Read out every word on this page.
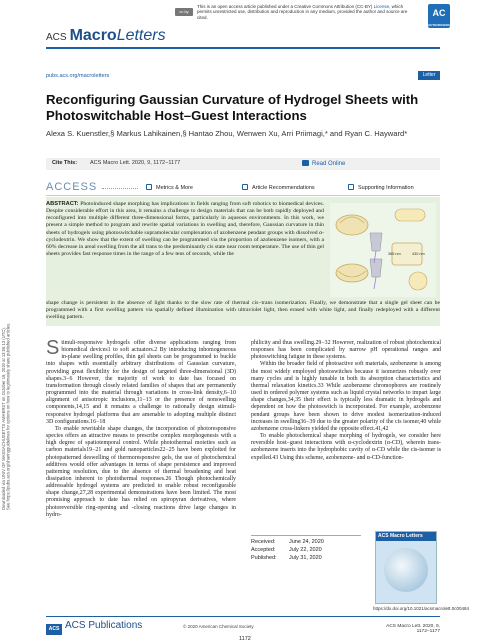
Downloaded via UNIV OF MASSACHUSETTS AMHERST on October 19, 2020 at 13:56:13 (UTC).
See https://pubs.acs.org/sharingguidelines for options on how to legitimately share published articles.
cc by
This is an open access article published under a Creative Commons Attribution (CC-BY) License, which permits unrestricted use, distribution and reproduction in any medium, provided the author and source are cited.	AC
AUTHORCHOICE
ACS MacroLetters
pubs.acs.org/macroletters	Letter
Reconfiguring Gaussian Curvature of Hydrogel Sheets with Photoswitchable Host–Guest Interactions
Alexa S. Kuenstler,§ Markus Lahikainen,§ Hantao Zhou, Wenwen Xu, Arri Priimagi,* and Ryan C. Hayward*
Cite This: ACS Macro Lett. 2020, 9, 1172−1177	Read Online
ACCESS	Metrics & More	Article Recommendations	Supporting Information
ABSTRACT: Photoinduced shape morphing has implications in fields ranging from soft robotics to biomedical devices. Despite considerable effort in this area, it remains a challenge to design materials that can be both rapidly deployed and reconfigured into multiple different three-dimensional forms, particularly in aqueous environments. In this work, we present a simple method to program and rewrite spatial variations in swelling and, therefore, Gaussian curvature in thin sheets of hydrogels using photoswitchable supramolecular complexation of azobenzene pendant groups with dissolved α-cyclodextrin. We show that the extent of swelling can be programmed via the proportion of azobenzene isomers, with a 60% decrease in areal swelling from the all trans to the predominantly cis state near room temperature. The use of thin gel sheets provides fast response times in the range of a few tens of seconds, while the	365 nm	430 nm
shape change is persistent in the absence of light thanks to the slow rate of thermal cis−trans isomerization. Finally, we demonstrate that a single gel sheet can be programmed with a first swelling pattern via spatially defined illumination with ultraviolet light, then erased with white light, and finally redeployed with a different swelling pattern.

Stimuli-responsive hydrogels offer diverse applications ranging from biomedical devices1 to soft actuators.2 By introducing inhomogeneous in-plane swelling profiles, thin gel sheets can be programmed to buckle into shapes with essentially arbitrary distributions of Gaussian curvature, providing great flexibility for the design of targeted three-dimensional (3D) shapes.3−6 However, the majority of work to date has focused on transformation through closely related families of shapes that are permanently programmed into the material through variations in cross-link density,6−10 alignment of anisotropic inclusions,11−13 or the presence of nonswelling components,14,15 and it remains a challenge to rationally design stimuli-responsive hydrogel platforms that are amenable to adopting multiple distinct 3D configurations.16−18

To enable rewritable shape changes, the incorporation of photoresponsive species offers an attractive means to prescribe complex morphogenesis with a high degree of spatiotemporal control. While photothermal moieties such as carbon materials19−21 and gold nanoparticles22−25 have been exploited for photopatterned deswelling of thermoresponsive gels, the use of photochemical additives would offer advantages in terms of shape persistence and improved patterning resolution, due to the absence of thermal broadening and heat dissipation inherent to photothermal responses.26 Though photochemically addressable hydrogel systems are predicted to enable robust reconfigurable shape change,27,28 experimental demonstrations have been limited. The most promising approach to date has relied on spiropyran derivatives, where photoreversible ring-opening and -closing reactions drive large changes in hydro-

philicity and thus swelling.29−32 However, realization of robust photochemical responses has been complicated by narrow pH operational ranges and photoswitching fatigue in these systems.

Within the broader field of photoactive soft materials, azobenzene is among the most widely employed photoswitches because it isomerizes robustly over many cycles and is highly tunable in both its absorption characteristics and thermal relaxation kinetics.33 While azobenzene chromophores are routinely used in ordered polymer systems such as liquid crystal networks to impart large shape changes,34,35 their effect is typically less dramatic in hydrogels and dependent on how the photoswitch is incorporated. For example, azobenzene pendant groups have been shown to drive modest isomerization-induced increases in swelling36−39 due to the greater polarity of the cis isomer,40 while azobenzene cross-linkers yielded the opposite effect.41,42

To enable photochemical shape morphing of hydrogels, we consider here reversible host−guest interactions with α-cyclodextrin (α-CD), wherein trans-azobenzene inserts into the hydrophobic cavity of α-CD while the cis-isomer is expelled.43 Using this scheme, azobenzene- and α-CD-function-

Received: June 24, 2020
Accepted: July 22, 2020
Published: July 31, 2020
ACS Macro Letters
https://dx.doi.org/10.1021/acsmacrolett.0c00484
ACS ACS Publications	© 2020 American Chemical Society
1172
ACS Macro Lett. 2020, 9, 1172−1177
